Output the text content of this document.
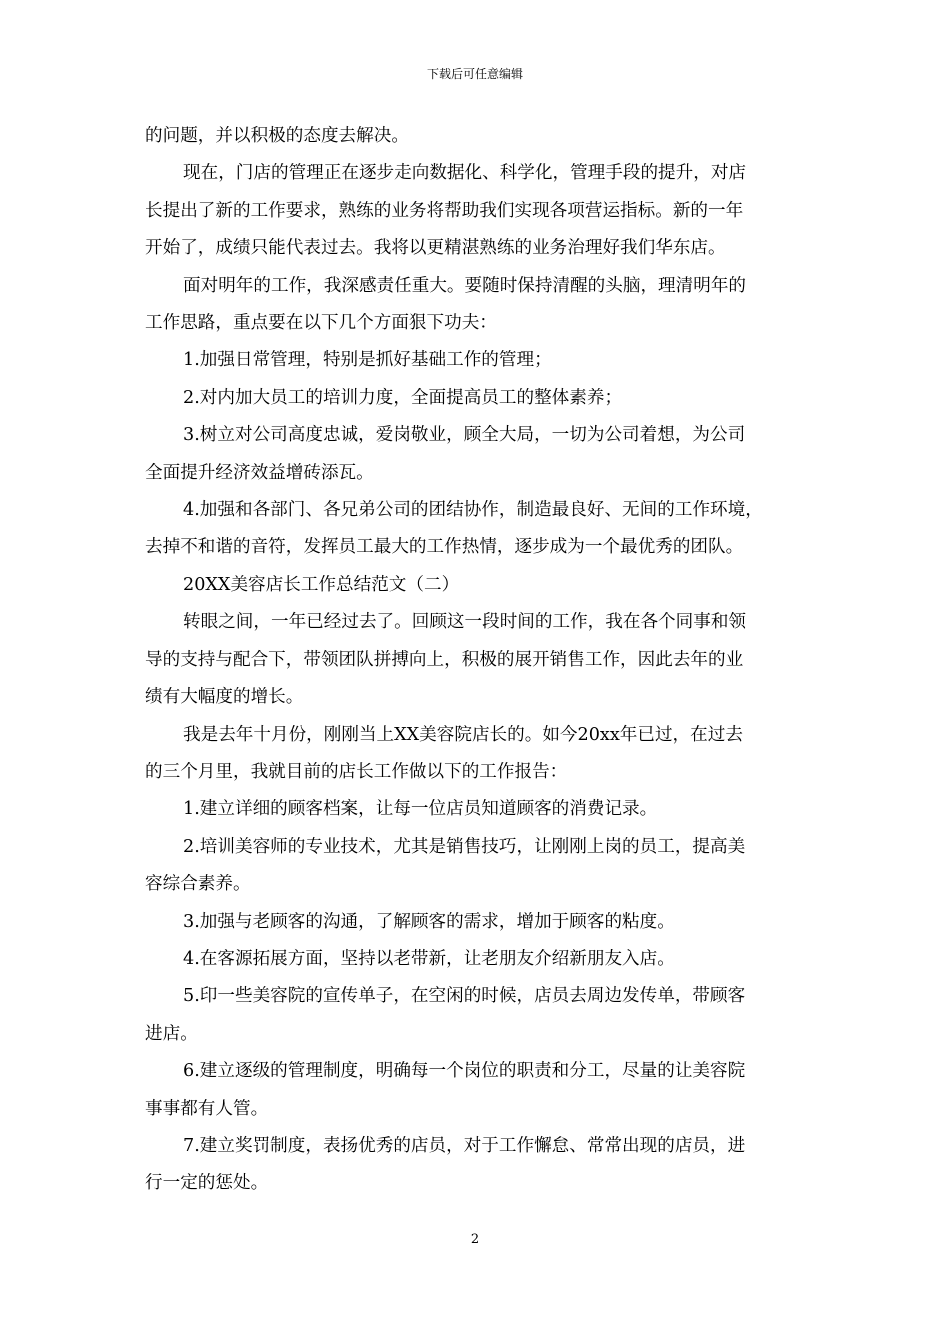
下载后可任意编辑

的问题，并以积极的态度去解决。

现在，门店的管理正在逐步走向数据化、科学化，管理手段的提升，对店

长提出了新的工作要求，熟练的业务将帮助我们实现各项营运指标。新的一年

开始了，成绩只能代表过去。我将以更精湛熟练的业务治理好我们华东店。

面对明年的工作，我深感责任重大。要随时保持清醒的头脑，理清明年的

工作思路，重点要在以下几个方面狠下功夫：

1.加强日常管理，特别是抓好基础工作的管理；

2.对内加大员工的培训力度，全面提高员工的整体素养；

3.树立对公司高度忠诚，爱岗敬业，顾全大局，一切为公司着想，为公司

全面提升经济效益增砖添瓦。

4.加强和各部门、各兄弟公司的团结协作，制造最良好、无间的工作环境，

去掉不和谐的音符，发挥员工最大的工作热情，逐步成为一个最优秀的团队。

20XX美容店长工作总结范文（二）

转眼之间，一年已经过去了。回顾这一段时间的工作，我在各个同事和领

导的支持与配合下，带领团队拼搏向上，积极的展开销售工作，因此去年的业

绩有大幅度的增长。

我是去年十月份，刚刚当上XX美容院店长的。如今20xx年已过，在过去

的三个月里，我就目前的店长工作做以下的工作报告：

1.建立详细的顾客档案，让每一位店员知道顾客的消费记录。

2.培训美容师的专业技术，尤其是销售技巧，让刚刚上岗的员工，提高美

容综合素养。

3.加强与老顾客的沟通，了解顾客的需求，增加于顾客的粘度。

4.在客源拓展方面，坚持以老带新，让老朋友介绍新朋友入店。

5.印一些美容院的宣传单子，在空闲的时候，店员去周边发传单，带顾客

进店。

6.建立逐级的管理制度，明确每一个岗位的职责和分工，尽量的让美容院

事事都有人管。

7.建立奖罚制度，表扬优秀的店员，对于工作懈怠、常常出现的店员，进

行一定的惩处。

2
